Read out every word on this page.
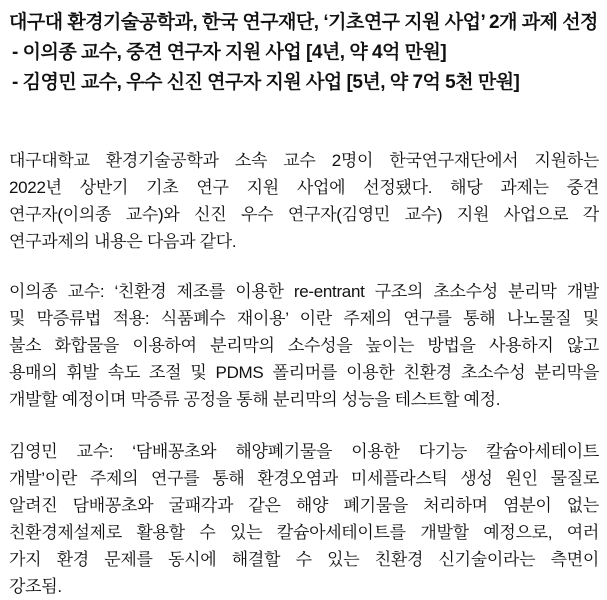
대구대 환경기술공학과, 한국 연구재단, ‘기초연구 지원 사업’ 2개 과제 선정
- 이의종 교수, 중견 연구자 지원 사업 [4년, 약 4억 만원]
- 김영민 교수, 우수 신진 연구자 지원 사업 [5년, 약 7억 5천 만원]
대구대학교 환경기술공학과 소속 교수 2명이 한국연구재단에서 지원하는
2022년 상반기 기초 연구 지원 사업에 선정됐다. 해당 과제는 중견
연구자(이의종 교수)와 신진 우수 연구자(김영민 교수) 지원 사업으로 각
연구과제의 내용은 다음과 같다.
이의종 교수: ‘친환경 제조를 이용한 re-entrant 구조의 초소수성 분리막 개발
및 막증류법 적용: 식품폐수 재이용’ 이란 주제의 연구를 통해 나노물질 및
불소 화합물을 이용하여 분리막의 소수성을 높이는 방법을 사용하지 않고
용매의 휘발 속도 조절 및 PDMS 폴리머를 이용한 친환경 초소수성 분리막을
개발할 예정이며 막증류 공정을 통해 분리막의 성능을 테스트할 예정.
김영민 교수: ‘담배꽁초와 해양폐기물을 이용한 다기능 칼슘아세테이트
개발’이란 주제의 연구를 통해 환경오염과 미세플라스틱 생성 원인 물질로
알려진 담배꽁초와 굴패각과 같은 해양 폐기물을 처리하며 염분이 없는
친환경제설제로 활용할 수 있는 칼슘아세테이트를 개발할 예정으로, 여러
가지 환경 문제를 동시에 해결할 수 있는 친환경 신기술이라는 측면이
강조됨.
